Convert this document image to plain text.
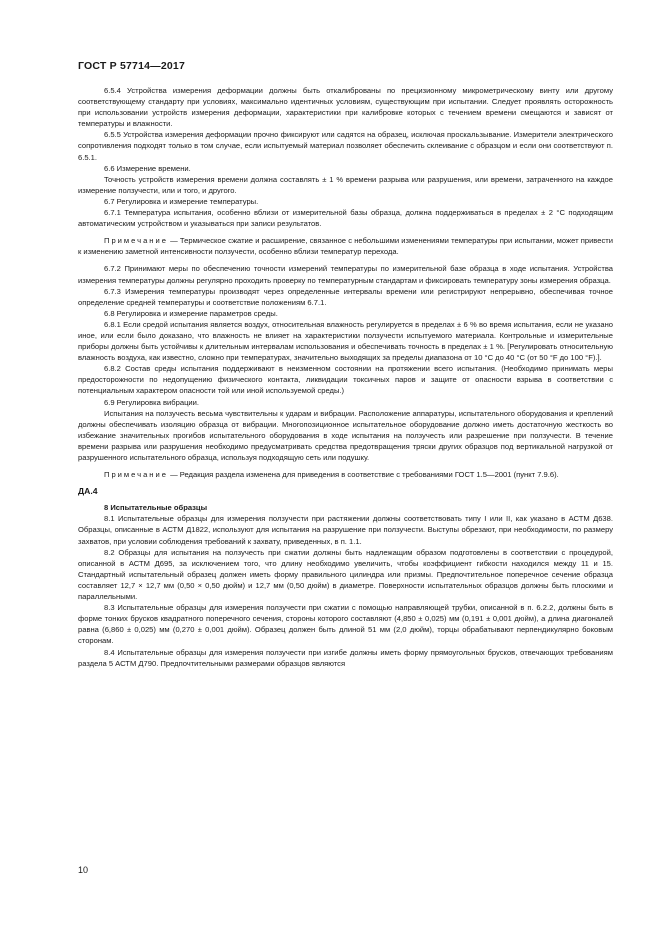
ГОСТ Р 57714—2017

6.5.4 Устройства измерения деформации должны быть откалиброваны по прецизионному микрометрическому винту или другому соответствующему стандарту при условиях, максимально идентичных условиям, существующим при испытании. Следует проявлять осторожность при использовании устройств измерения деформации, характеристики при калибровке которых с течением времени смещаются и зависят от температуры и влажности.

6.5.5 Устройства измерения деформации прочно фиксируют или садятся на образец, исключая проскальзывание. Измерители электрического сопротивления подходят только в том случае, если испытуемый материал позволяет обеспечить склеивание с образцом и если они соответствуют п. 6.5.1.

6.6 Измерение времени.

Точность устройств измерения времени должна составлять ± 1 % времени разрыва или разрушения, или времени, затраченного на каждое измерение ползучести, или и того, и другого.

6.7 Регулировка и измерение температуры.

6.7.1 Температура испытания, особенно вблизи от измерительной базы образца, должна поддерживаться в пределах ± 2 °С подходящим автоматическим устройством и указываться при записи результатов.

Примечание — Термическое сжатие и расширение, связанное с небольшими изменениями температуры при испытании, может привести к изменению заметной интенсивности ползучести, особенно вблизи температур перехода.

6.7.2 Принимают меры по обеспечению точности измерений температуры по измерительной базе образца в ходе испытания. Устройства измерения температуры должны регулярно проходить проверку по температурным стандартам и фиксировать температуру зоны измерения образца.

6.7.3 Измерения температуры производят через определенные интервалы времени или регистрируют непрерывно, обеспечивая точное определение средней температуры и соответствие положениям 6.7.1.

6.8 Регулировка и измерение параметров среды.

6.8.1 Если средой испытания является воздух, относительная влажность регулируется в пределах ± 6 % во время испытания, если не указано иное, или если было доказано, что влажность не влияет на характеристики ползучести испытуемого материала. Контрольные и измерительные приборы должны быть устойчивы к длительным интервалам использования и обеспечивать точность в пределах ± 1 %. [Регулировать относительную влажность воздуха, как известно, сложно при температурах, значительно выходящих за пределы диапазона от 10 °С до 40 °С (от 50 °F до 100 °F).].

6.8.2 Состав среды испытания поддерживают в неизменном состоянии на протяжении всего испытания. (Необходимо принимать меры предосторожности по недопущению физического контакта, ликвидации токсичных паров и защите от опасности взрыва в соответствии с потенциальным характером опасности той или иной используемой среды.)

6.9 Регулировка вибрации.

Испытания на ползучесть весьма чувствительны к ударам и вибрации. Расположение аппаратуры, испытательного оборудования и креплений должны обеспечивать изоляцию образца от вибрации. Многопозиционное испытательное оборудование должно иметь достаточную жесткость во избежание значительных прогибов испытательного оборудования в ходе испытания на ползучесть или разрешение при ползучести. В течение времени разрыва или разрушения необходимо предусматривать средства предотвращения тряски других образцов под вертикальной нагрузкой от разрушенного испытательного образца, используя подходящую сеть или подушку.

Примечание — Редакция раздела изменена для приведения в соответствие с требованиями ГОСТ 1.5—2001 (пункт 7.9.6).

ДА.4

8 Испытательные образцы

8.1 Испытательные образцы для измерения ползучести при растяжении должны соответствовать типу I или II, как указано в АСТМ Д638. Образцы, описанные в АСТМ Д1822, используют для испытания на разрушение при ползучести. Выступы обрезают, при необходимости, по размеру захватов, при условии соблюдения требований к захвату, приведенных, в п. 1.1.

8.2 Образцы для испытания на ползучесть при сжатии должны быть надлежащим образом подготовлены в соответствии с процедурой, описанной в АСТМ Д695, за исключением того, что длину необходимо увеличить, чтобы коэффициент гибкости находился между 11 и 15. Стандартный испытательный образец должен иметь форму правильного цилиндра или призмы. Предпочтительное поперечное сечение образца составляет 12,7 × 12,7 мм (0,50 × 0,50 дюйм) и 12,7 мм (0,50 дюйм) в диаметре. Поверхности испытательных образцов должны быть плоскими и параллельными.

8.3 Испытательные образцы для измерения ползучести при сжатии с помощью направляющей трубки, описанной в п. 6.2.2, должны быть в форме тонких брусков квадратного поперечного сечения, стороны которого составляют (4,850 ± 0,025) мм (0,191 ± 0,001 дюйм), а длина диагоналей равна (6,860 ± 0,025) мм (0,270 ± 0,001 дюйм). Образец должен быть длиной 51 мм (2,0 дюйм), торцы обрабатывают перпендикулярно боковым сторонам.

8.4 Испытательные образцы для измерения ползучести при изгибе должны иметь форму прямоугольных брусков, отвечающих требованиям раздела 5 АСТМ Д790. Предпочтительными размерами образцов являются

10
